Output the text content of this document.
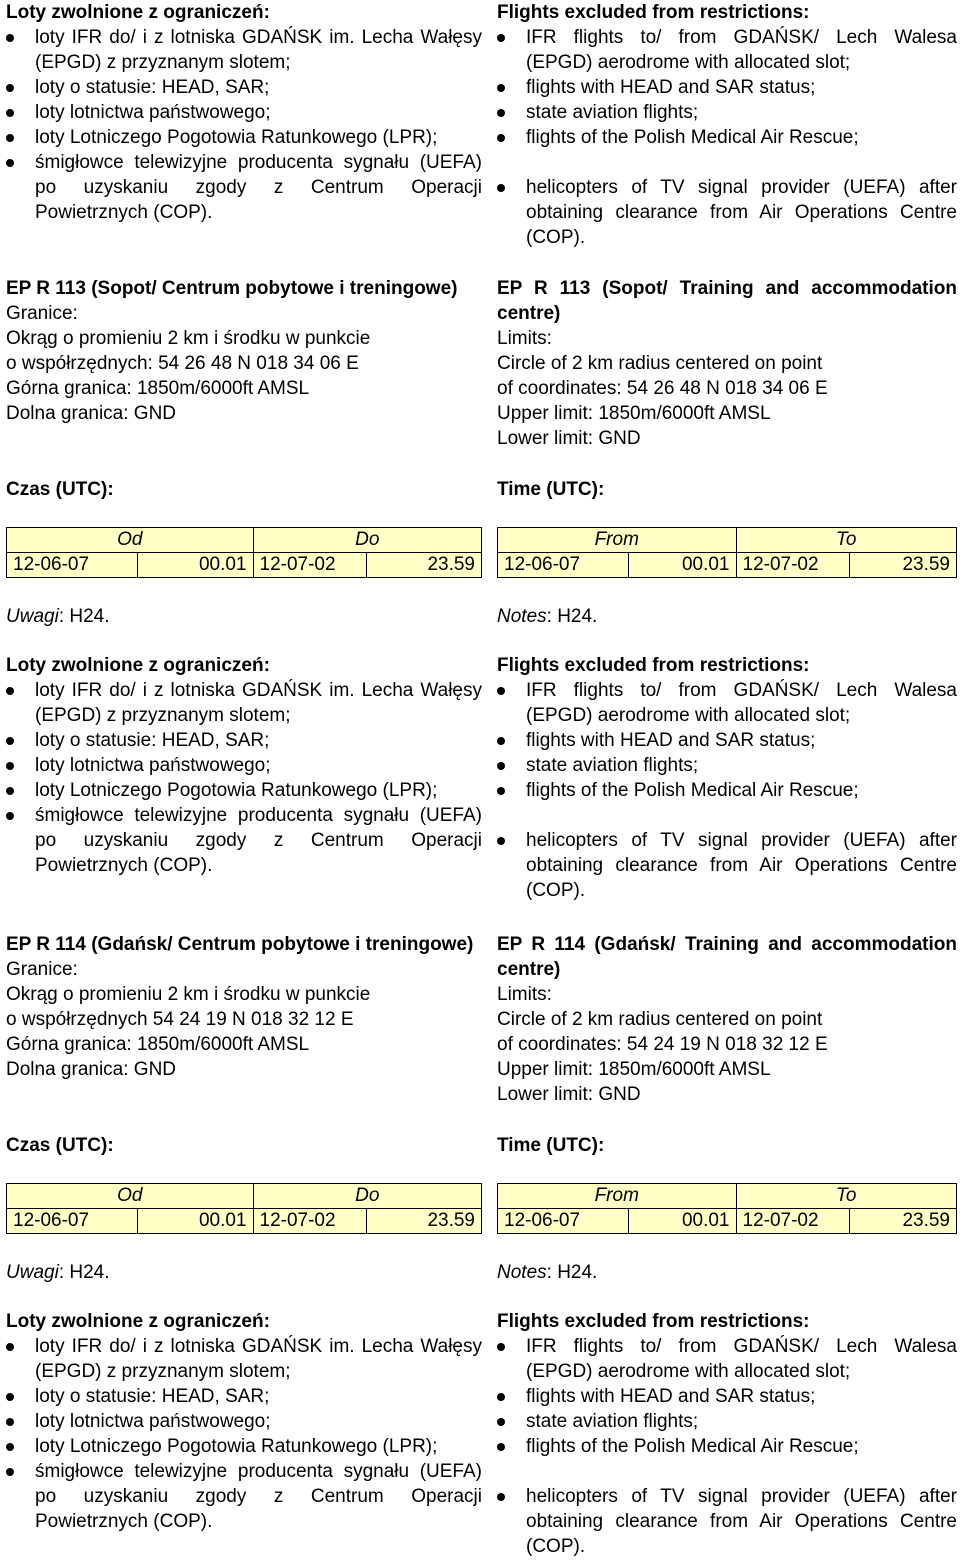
Loty zwolnione z ograniczeń:
loty IFR do/ i z lotniska GDAŃSK im. Lecha Wałęsy (EPGD) z przyznanym slotem;
loty o statusie: HEAD, SAR;
loty lotnictwa państwowego;
loty Lotniczego Pogotowia Ratunkowego (LPR);
śmigłowce telewizyjne producenta sygnału (UEFA) po uzyskaniu zgody z Centrum Operacji Powietrznych (COP).
EP R 113 (Sopot/ Centrum pobytowe i treningowe)
Granice:
Okrąg o promieniu 2 km i środku w punkcie
o współrzędnych: 54 26 48 N 018 34 06 E
Górna granica: 1850m/6000ft AMSL
Dolna granica: GND
Czas (UTC):
Od		Do	
12-06-07	00.01	12-07-02	23.59
Uwagi: H24.
Loty zwolnione z ograniczeń:
loty IFR do/ i z lotniska GDAŃSK im. Lecha Wałęsy (EPGD) z przyznanym slotem;
loty o statusie: HEAD, SAR;
loty lotnictwa państwowego;
loty Lotniczego Pogotowia Ratunkowego (LPR);
śmigłowce telewizyjne producenta sygnału (UEFA) po uzyskaniu zgody z Centrum Operacji Powietrznych (COP).
EP R 114 (Gdańsk/ Centrum pobytowe i treningowe)
Granice:
Okrąg o promieniu 2 km i środku w punkcie
o współrzędnych 54 24 19 N 018 32 12 E
Górna granica: 1850m/6000ft AMSL
Dolna granica: GND
Czas (UTC):
Od		Do	
12-06-07	00.01	12-07-02	23.59
Uwagi: H24.
Loty zwolnione z ograniczeń:
loty IFR do/ i z lotniska GDAŃSK im. Lecha Wałęsy (EPGD) z przyznanym slotem;
loty o statusie: HEAD, SAR;
loty lotnictwa państwowego;
loty Lotniczego Pogotowia Ratunkowego (LPR);
śmigłowce telewizyjne producenta sygnału (UEFA) po uzyskaniu zgody z Centrum Operacji Powietrznych (COP).
Flights excluded from restrictions:
IFR flights to/ from GDAŃSK/ Lech Walesa (EPGD) aerodrome with allocated slot;
flights with HEAD and SAR status;
state aviation flights;
flights of the Polish Medical Air Rescue;
helicopters of TV signal provider (UEFA) after obtaining clearance from Air Operations Centre (COP).
EP R 113 (Sopot/ Training and accommodation centre)
Limits:
Circle of 2 km radius centered on point
of coordinates: 54 26 48 N 018 34 06 E
Upper limit: 1850m/6000ft AMSL
Lower limit: GND
Time (UTC):
From		To	
12-06-07	00.01	12-07-02	23.59
Notes: H24.
Flights excluded from restrictions:
IFR flights to/ from GDAŃSK/ Lech Walesa (EPGD) aerodrome with allocated slot;
flights with HEAD and SAR status;
state aviation flights;
flights of the Polish Medical Air Rescue;
helicopters of TV signal provider (UEFA) after obtaining clearance from Air Operations Centre (COP).
EP R 114 (Gdańsk/ Training and accommodation centre)
Limits:
Circle of 2 km radius centered on point
of coordinates: 54 24 19 N 018 32 12 E
Upper limit: 1850m/6000ft AMSL
Lower limit: GND
Time (UTC):
From		To	
12-06-07	00.01	12-07-02	23.59
Notes: H24.
Flights excluded from restrictions:
IFR flights to/ from GDAŃSK/ Lech Walesa (EPGD) aerodrome with allocated slot;
flights with HEAD and SAR status;
state aviation flights;
flights of the Polish Medical Air Rescue;
helicopters of TV signal provider (UEFA) after obtaining clearance from Air Operations Centre (COP).
